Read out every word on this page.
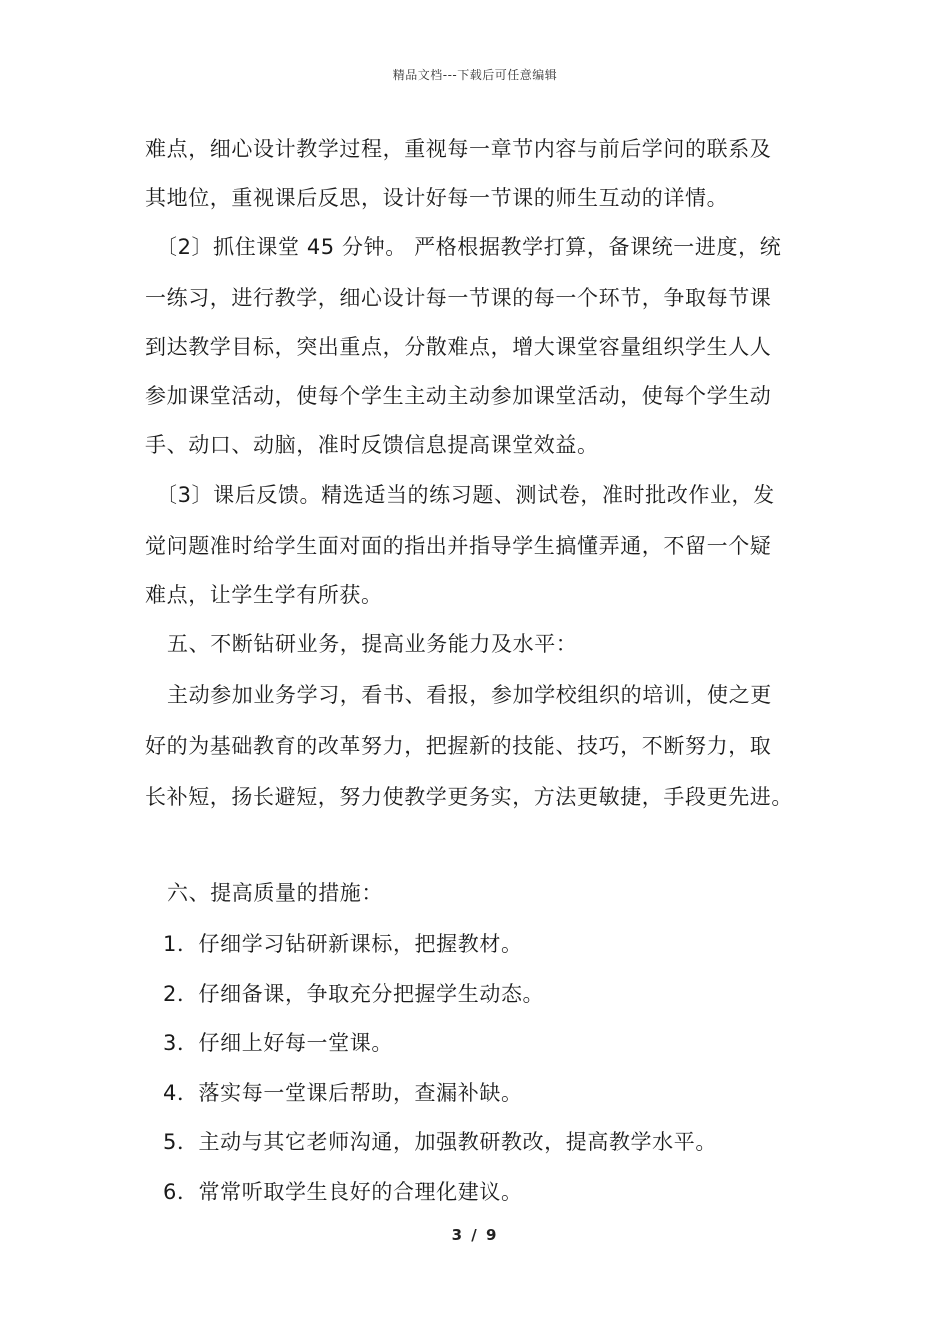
精品文档---下载后可任意编辑
难点，细心设计教学过程，重视每一章节内容与前后学问的联系及
其地位，重视课后反思，设计好每一节课的师生互动的详情。
〔2〕抓住课堂 45 分钟。 严格根据教学打算，备课统一进度，统
一练习，进行教学，细心设计每一节课的每一个环节，争取每节课
到达教学目标，突出重点，分散难点，增大课堂容量组织学生人人
参加课堂活动，使每个学生主动主动参加课堂活动，使每个学生动
手、动口、动脑，准时反馈信息提高课堂效益。
〔3〕课后反馈。精选适当的练习题、测试卷，准时批改作业，发
觉问题准时给学生面对面的指出并指导学生搞懂弄通，不留一个疑
难点，让学生学有所获。
五、不断钻研业务，提高业务能力及水平：
主动参加业务学习，看书、看报，参加学校组织的培训，使之更
好的为基础教育的改革努力，把握新的技能、技巧，不断努力，取
长补短，扬长避短，努力使教学更务实，方法更敏捷，手段更先进。
六、提高质量的措施：
1．仔细学习钻研新课标，把握教材。
2．仔细备课，争取充分把握学生动态。
3．仔细上好每一堂课。
4．落实每一堂课后帮助，查漏补缺。
5．主动与其它老师沟通，加强教研教改，提高教学水平。
6．常常听取学生良好的合理化建议。
3 / 9
